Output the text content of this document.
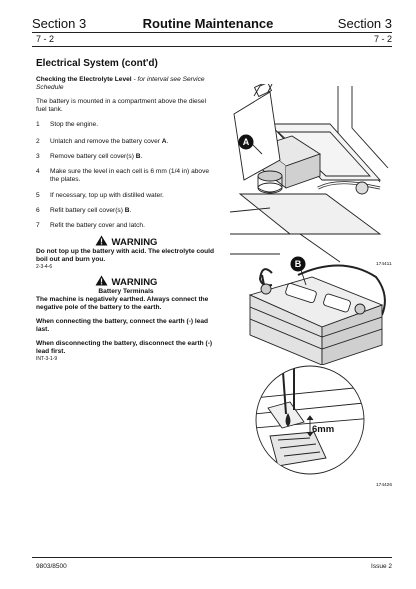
Section 3	Routine Maintenance	Section 3
7 - 2	7 - 2
Electrical System (cont'd)
Checking the Electrolyte Level - for interval see Service Schedule
The battery is mounted in a compartment above the diesel fuel tank.
1 Stop the engine.
2 Unlatch and remove the battery cover A.
3 Remove battery cell cover(s) B.
4 Make sure the level in each cell is 6 mm (1/4 in) above the plates.
5 If necessary, top up with distilled water.
6 Refit battery cell cover(s) B.
7 Refit the battery cover and latch.
WARNING
Do not top up the battery with acid. The electrolyte could boil out and burn you.
2-3-4-6
WARNING
Battery Terminals
The machine is negatively earthed. Always connect the negative pole of the battery to the earth.
When connecting the battery, connect the earth (-) lead last.
When disconnecting the battery, disconnect the earth (-) lead first.
INT-3-1-9
A
174411
B
6mm
174426
9803/8500	Issue 2
